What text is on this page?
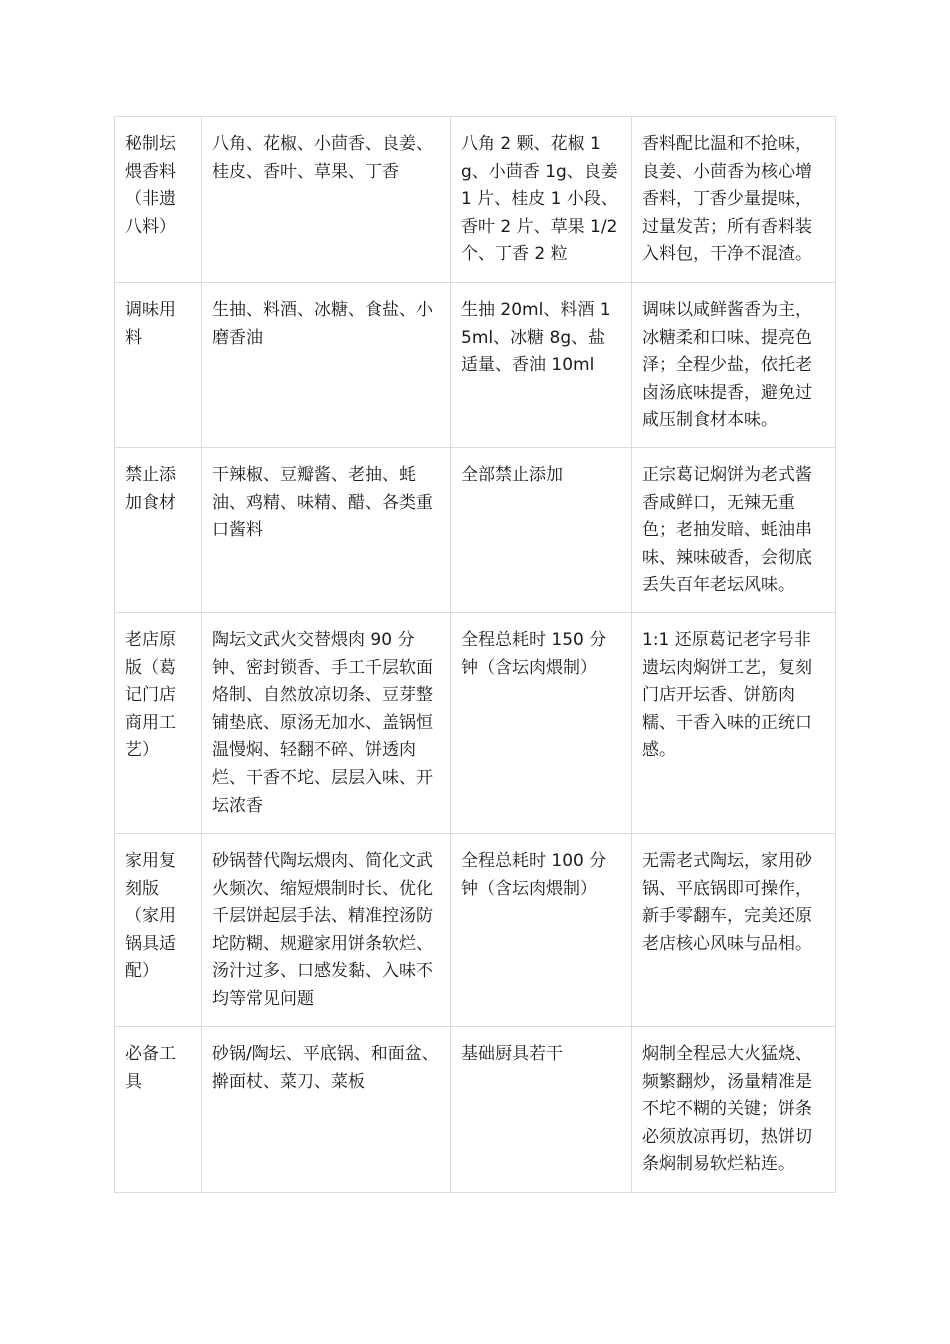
秘制坛煨香料（非遗八料）	八角、花椒、小茴香、良姜、桂皮、香叶、草果、丁香	八角 2 颗、花椒 1g、小茴香 1g、良姜 1 片、桂皮 1 小段、香叶 2 片、草果 1/2 个、丁香 2 粒	香料配比温和不抢味，良姜、小茴香为核心增香料，丁香少量提味，过量发苦；所有香料装入料包，干净不混渣。
调味用料	生抽、料酒、冰糖、食盐、小磨香油	生抽 20ml、料酒 15ml、冰糖 8g、盐适量、香油 10ml	调味以咸鲜酱香为主，冰糖柔和口味、提亮色泽；全程少盐，依托老卤汤底味提香，避免过咸压制食材本味。
禁止添加食材	干辣椒、豆瓣酱、老抽、蚝油、鸡精、味精、醋、各类重口酱料	全部禁止添加	正宗葛记焖饼为老式酱香咸鲜口，无辣无重色；老抽发暗、蚝油串味、辣味破香，会彻底丢失百年老坛风味。
老店原版（葛记门店商用工艺）	陶坛文武火交替煨肉 90 分钟、密封锁香、手工千层软面烙制、自然放凉切条、豆芽整铺垫底、原汤无加水、盖锅恒温慢焖、轻翻不碎、饼透肉烂、干香不坨、层层入味、开坛浓香	全程总耗时 150 分钟（含坛肉煨制）	1:1 还原葛记老字号非遗坛肉焖饼工艺，复刻门店开坛香、饼筋肉糯、干香入味的正统口感。
家用复刻版（家用锅具适配）	砂锅替代陶坛煨肉、简化文武火频次、缩短煨制时长、优化千层饼起层手法、精准控汤防坨防糊、规避家用饼条软烂、汤汁过多、口感发黏、入味不均等常见问题	全程总耗时 100 分钟（含坛肉煨制）	无需老式陶坛，家用砂锅、平底锅即可操作，新手零翻车，完美还原老店核心风味与品相。
必备工具	砂锅/陶坛、平底锅、和面盆、擀面杖、菜刀、菜板	基础厨具若干	焖制全程忌大火猛烧、频繁翻炒，汤量精准是不坨不糊的关键；饼条必须放凉再切，热饼切条焖制易软烂粘连。
